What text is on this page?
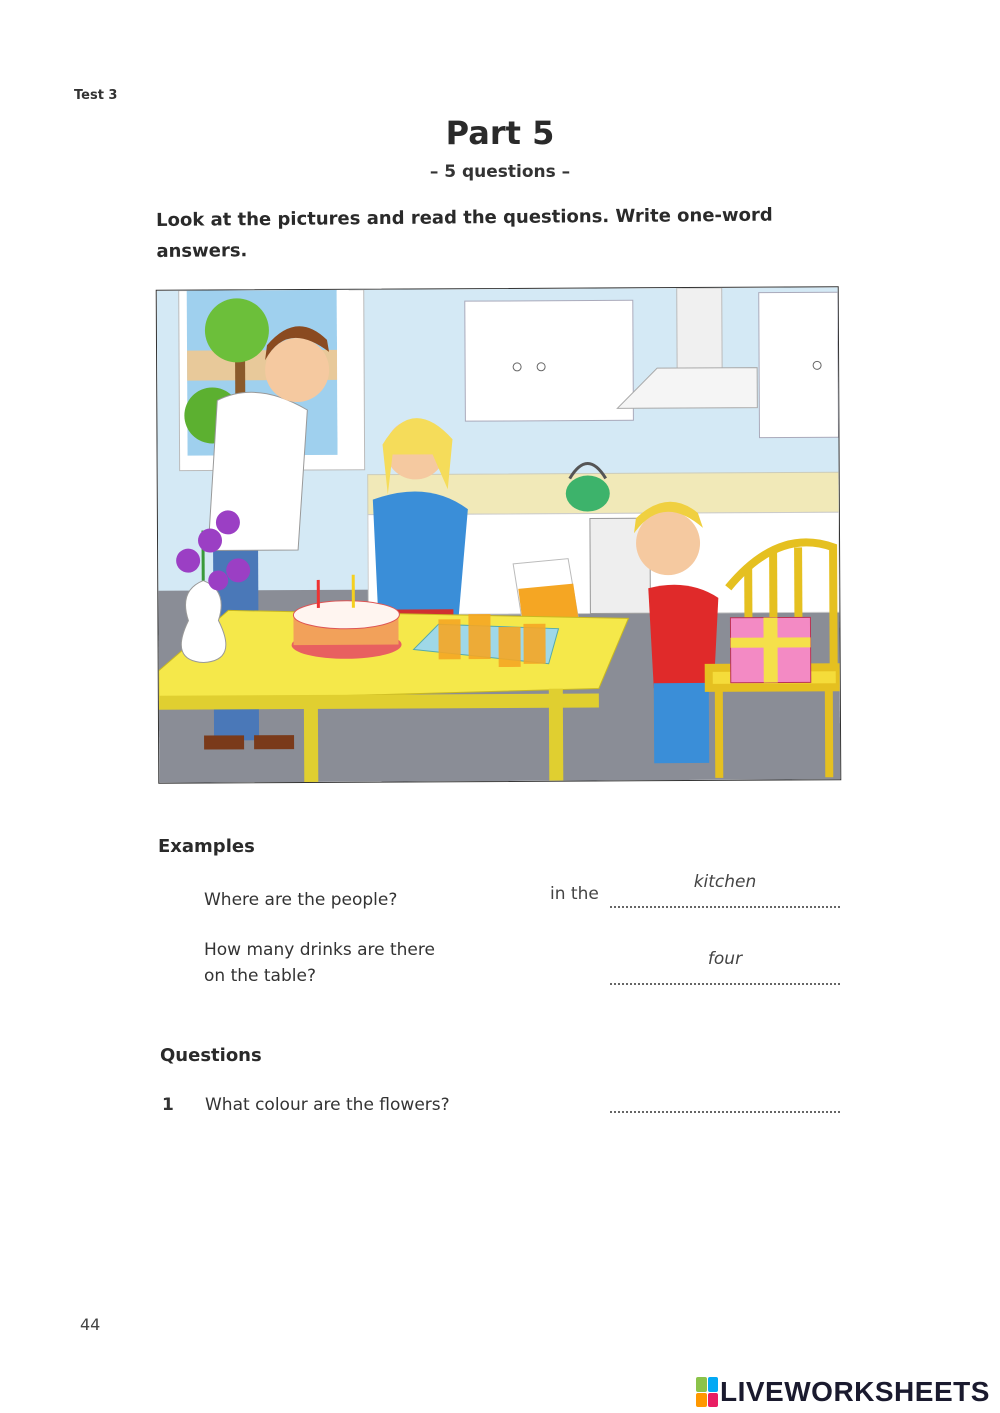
Test 3
Part 5
– 5 questions –
Look at the pictures and read the questions. Write one-word answers.
Examples
Where are the people?	in the
kitchen
How many drinks are there
on the table?
four
Questions
1 What colour are the flowers?
44
LIVEWORKSHEETS
